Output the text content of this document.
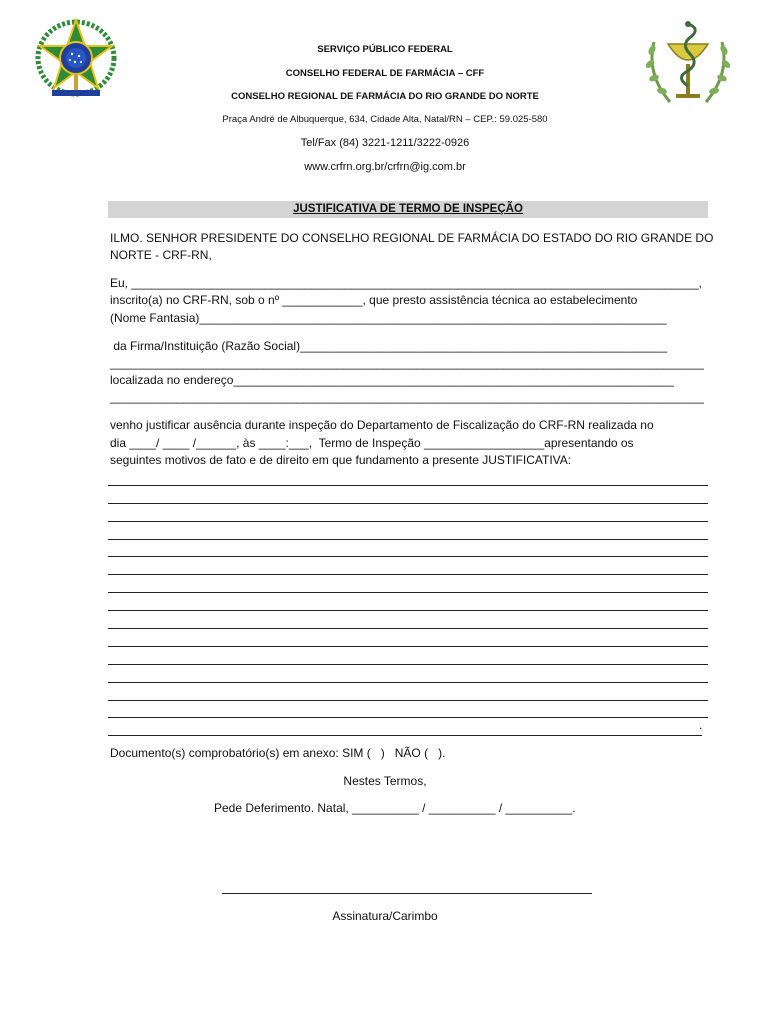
SERVIÇO PÚBLICO FEDERAL
CONSELHO FEDERAL DE FARMÁCIA – CFF
CONSELHO REGIONAL DE FARMÁCIA DO RIO GRANDE DO NORTE
Praça André de Albuquerque, 634, Cidade Alta, Natal/RN – CEP.: 59.025-580
Tel/Fax (84) 3221-1211/3222-0926
www.crfrn.org.br/crfrn@ig.com.br
JUSTIFICATIVA DE TERMO DE INSPEÇÃO
ILMO. SENHOR PRESIDENTE DO CONSELHO REGIONAL DE FARMÁCIA DO ESTADO DO RIO GRANDE DO
NORTE - CRF-RN,
Eu, _____________________________________________________________________________________,
inscrito(a) no CRF-RN, sob o nº ____________, que presto assistência técnica ao estabelecimento
(Nome Fantasia)______________________________________________________________________
da Firma/Instituição (Razão Social)_______________________________________________________
_________________________________________________________________________________________
localizada no endereço__________________________________________________________________
_________________________________________________________________________________________
venho justificar ausência durante inspeção do Departamento de Fiscalização do CRF-RN realizada no
dia ____/ ____ /______, às ____:___,  Termo de Inspeção __________________apresentando os
seguintes motivos de fato e de direito em que fundamento a presente JUSTIFICATIVA:
.
Documento(s) comprobatório(s) em anexo: SIM (   )   NÃO (   ).
Nestes Termos,
Pede Deferimento. Natal, __________ / __________ / __________.
Assinatura/Carimbo
